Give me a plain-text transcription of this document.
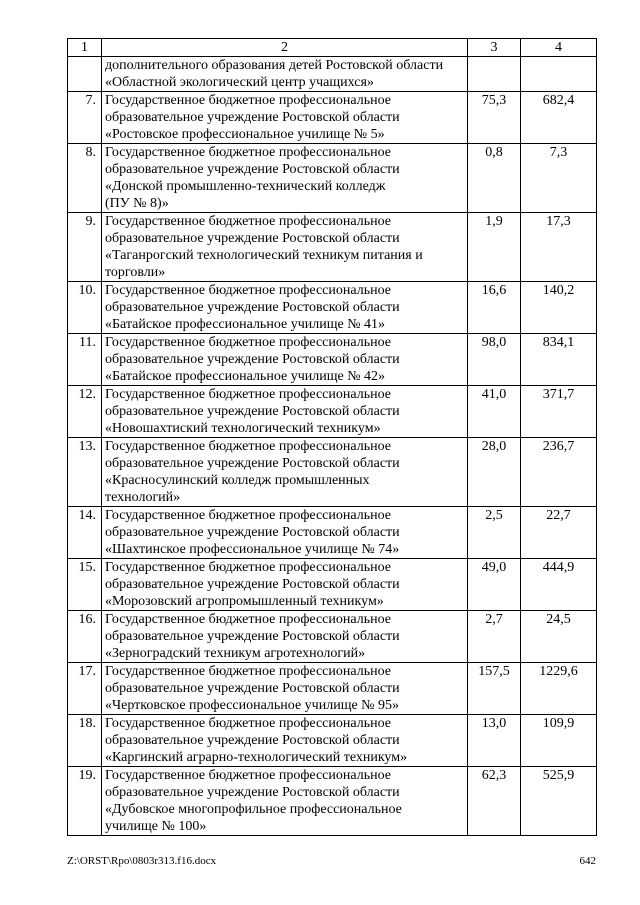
1	2	3	4

	дополнительного образования детей Ростовской области
«Областной экологический центр учащихся»		

7.	Государственное бюджетное профессиональное
образовательное учреждение Ростовской области
«Ростовское профессиональное училище № 5»	75,3	682,4
8.	Государственное бюджетное профессиональное
образовательное учреждение Ростовской области
«Донской промышленно-технический колледж
(ПУ № 8)»	0,8	7,3
9.	Государственное бюджетное профессиональное
образовательное учреждение Ростовской области
«Таганрогский технологический техникум питания и
торговли»	1,9	17,3
10.	Государственное бюджетное профессиональное
образовательное учреждение Ростовской области
«Батайское профессиональное училище № 41»	16,6	140,2
11.	Государственное бюджетное профессиональное
образовательное учреждение Ростовской области
«Батайское профессиональное училище № 42»	98,0	834,1
12.	Государственное бюджетное профессиональное
образовательное учреждение Ростовской области
«Новошахтиский технологический техникум»	41,0	371,7
13.	Государственное бюджетное профессиональное
образовательное учреждение Ростовской области
«Красносулинский колледж промышленных
технологий»	28,0	236,7
14.	Государственное бюджетное профессиональное
образовательное учреждение Ростовской области
«Шахтинское профессиональное училище № 74»	2,5	22,7
15.	Государственное бюджетное профессиональное
образовательное учреждение Ростовской области
«Морозовский агропромышленный техникум»	49,0	444,9
16.	Государственное бюджетное профессиональное
образовательное учреждение Ростовской области
«Зерноградский техникум агротехнологий»	2,7	24,5
17.	Государственное бюджетное профессиональное
образовательное учреждение Ростовской области
«Чертковское профессиональное училище № 95»	157,5	1229,6
18.	Государственное бюджетное профессиональное
образовательное учреждение Ростовской области
«Каргинский аграрно-технологический техникум»	13,0	109,9
19.	Государственное бюджетное профессиональное
образовательное учреждение Ростовской области
«Дубовское многопрофильное профессиональное
училище № 100»	62,3	525,9
Z:\ORST\Rpo\0803r313.f16.docx	642
